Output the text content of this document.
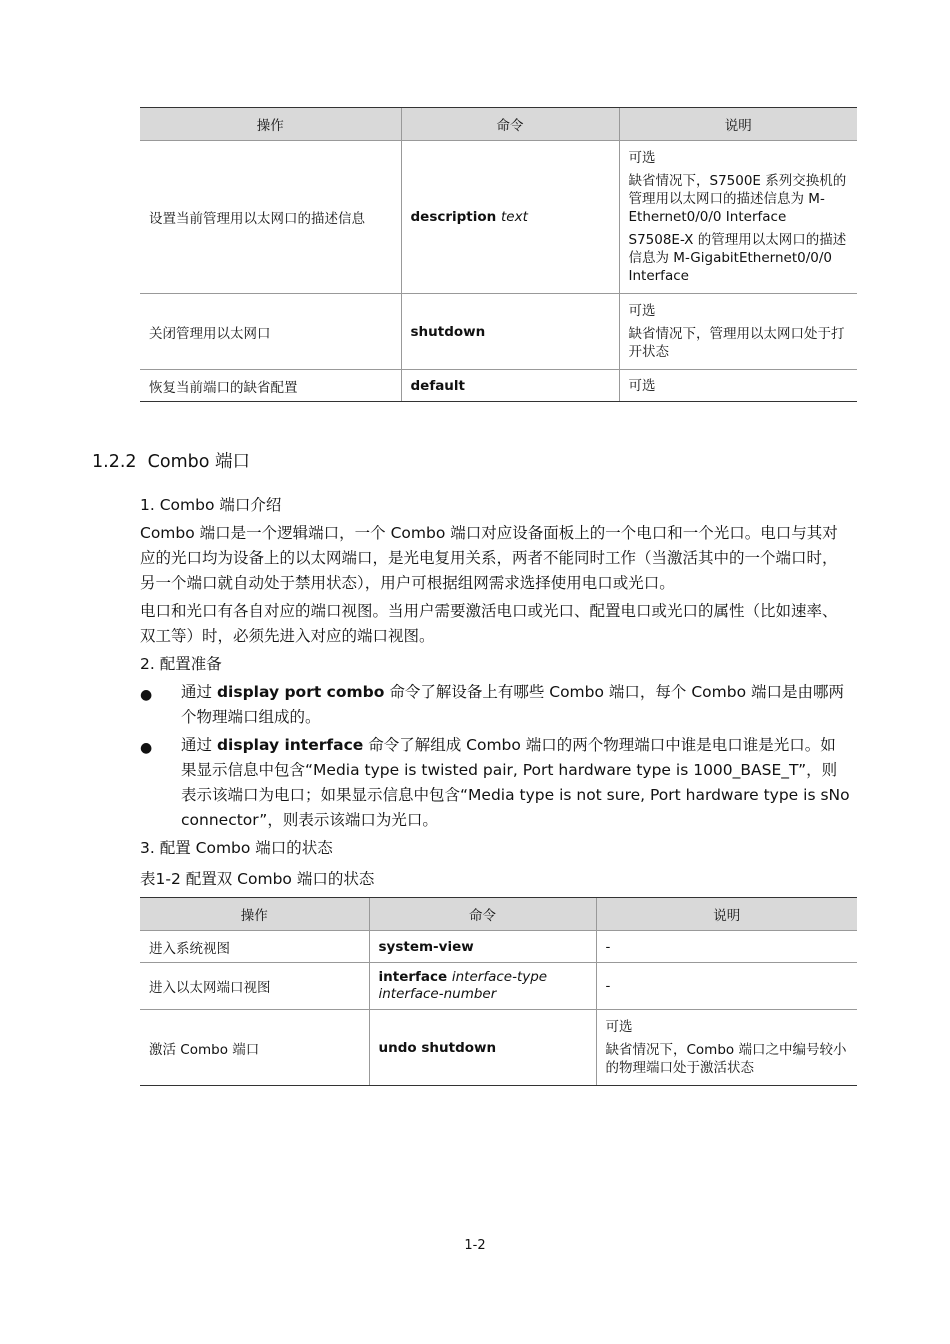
操作	命令	说明
设置当前管理用以太网口的描述信息	description text	可选
缺省情况下，S7500E 系列交换机的管理用以太网口的描述信息为 M-Ethernet0/0/0 Interface
S7508E-X 的管理用以太网口的描述信息为 M-GigabitEthernet0/0/0 Interface

关闭管理用以太网口	shutdown	可选
缺省情况下，管理用以太网口处于打开状态

恢复当前端口的缺省配置	default	可选
1.2.2 Combo 端口
1. Combo 端口介绍

Combo 端口是一个逻辑端口，一个 Combo 端口对应设备面板上的一个电口和一个光口。电口与其对应的光口均为设备上的以太网端口，是光电复用关系，两者不能同时工作（当激活其中的一个端口时，另一个端口就自动处于禁用状态），用户可根据组网需求选择使用电口或光口。

电口和光口有各自对应的端口视图。当用户需要激活电口或光口、配置电口或光口的属性（比如速率、双工等）时，必须先进入对应的端口视图。

2. 配置准备
● 通过 display port combo 命令了解设备上有哪些 Combo 端口，每个 Combo 端口是由哪两个物理端口组成的。
● 通过 display interface 命令了解组成 Combo 端口的两个物理端口中谁是电口谁是光口。如果显示信息中包含“Media type is twisted pair, Port hardware type is 1000_BASE_T”，则表示该端口为电口；如果显示信息中包含“Media type is not sure, Port hardware type is sNo connector”，则表示该端口为光口。
3. 配置 Combo 端口的状态
表1-2 配置双 Combo 端口的状态
操作	命令	说明
进入系统视图	system-view	-

进入以太网端口视图	interface interface-type interface-number	-

激活 Combo 端口	undo shutdown	可选
缺省情况下，Combo 端口之中编号较小的物理端口处于激活状态
1-2
